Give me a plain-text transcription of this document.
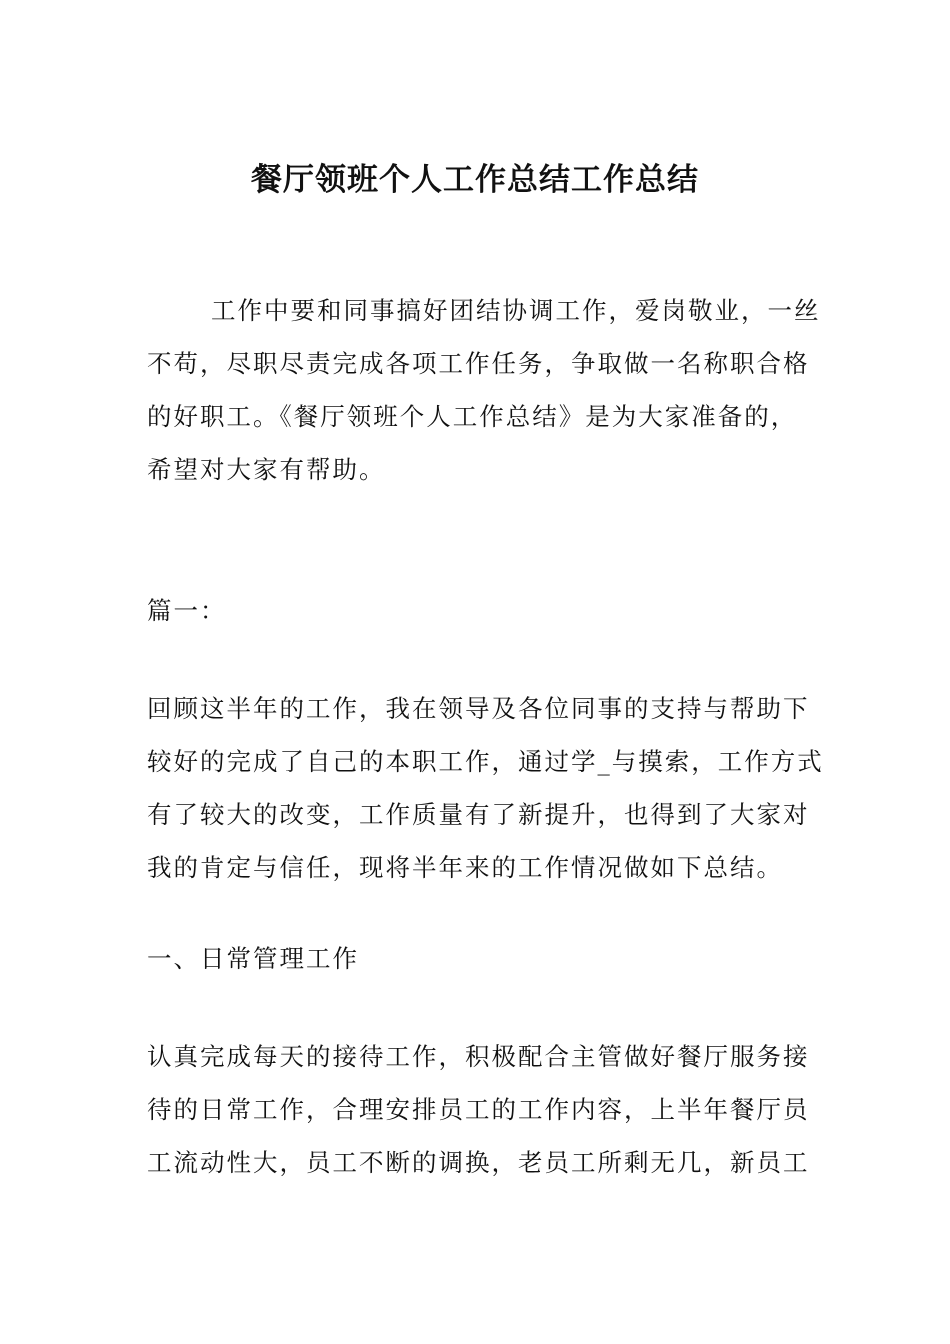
餐厅领班个人工作总结工作总结
工作中要和同事搞好团结协调工作，爱岗敬业，一丝
不苟，尽职尽责完成各项工作任务，争取做一名称职合格
的好职工。《餐厅领班个人工作总结》是为大家准备的，
希望对大家有帮助。
篇一：
回顾这半年的工作，我在领导及各位同事的支持与帮助下
较好的完成了自己的本职工作，通过学_与摸索，工作方式
有了较大的改变，工作质量有了新提升，也得到了大家对
我的肯定与信任，现将半年来的工作情况做如下总结。
一、日常管理工作
认真完成每天的接待工作，积极配合主管做好餐厅服务接
待的日常工作，合理安排员工的工作内容，上半年餐厅员
工流动性大，员工不断的调换，老员工所剩无几，新员工
